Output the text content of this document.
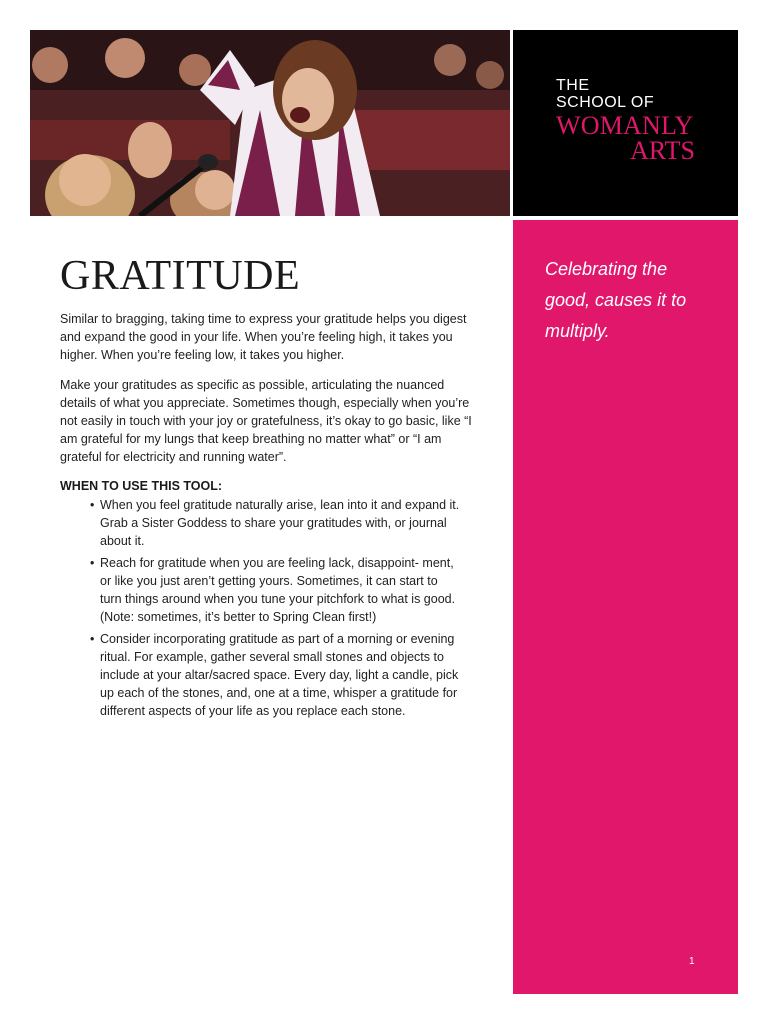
THE
SCHOOL OF
WOMANLY
ARTS
Celebrating the good, causes it to multiply.
1
GRATITUDE

Similar to bragging, taking time to express your gratitude helps you digest and expand the good in your life. When you’re feeling high, it takes you higher. When you’re feeling low, it takes you higher.

Make your gratitudes as specific as possible, articulating the nuanced details of what you appreciate. Sometimes though, especially when you’re not easily in touch with your joy or gratefulness, it’s okay to go basic, like “I am grateful for my lungs that keep breathing no matter what” or “I am grateful for electricity and running water”.

WHEN TO USE THIS TOOL:
• When you feel gratitude naturally arise, lean into it and expand it. Grab a Sister Goddess to share your gratitudes with, or journal about it.
• Reach for gratitude when you are feeling lack, disappoint- ment, or like you just aren’t getting yours. Sometimes, it can start to turn things around when you tune your pitchfork to what is good. (Note: sometimes, it’s better to Spring Clean first!)
• Consider incorporating gratitude as part of a morning or evening ritual. For example, gather several small stones and objects to include at your altar/sacred space. Every day, light a candle, pick up each of the stones, and, one at a time, whisper a gratitude for different aspects of your life as you replace each stone.
